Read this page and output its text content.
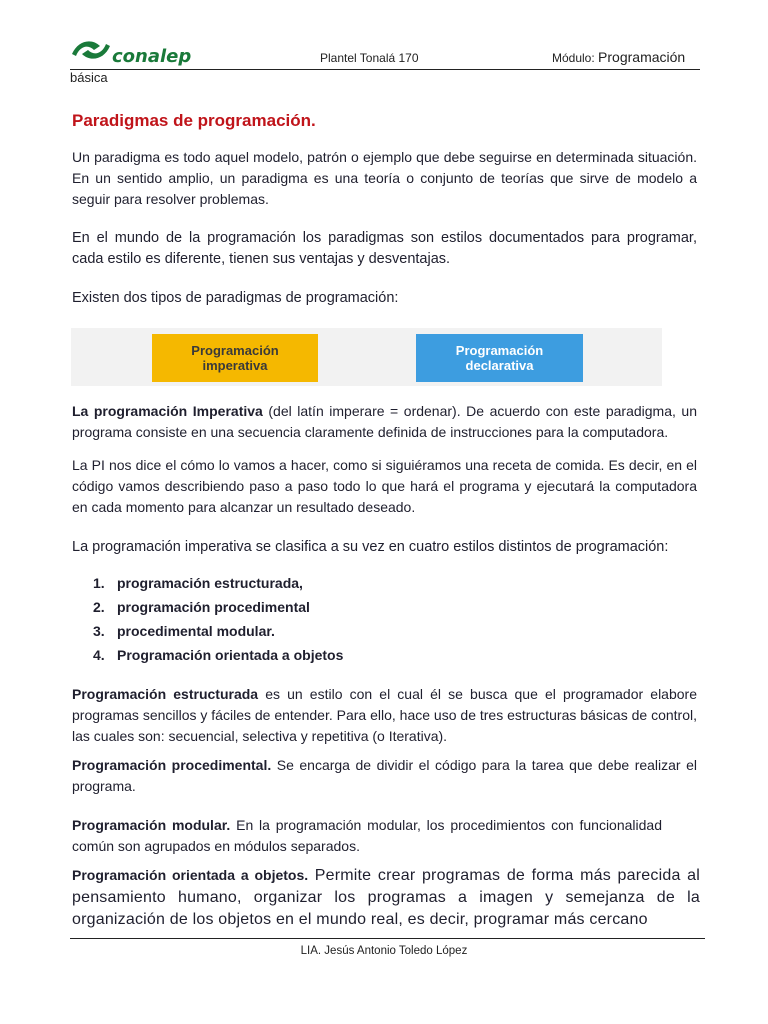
conalep	Plantel Tonalá 170	Módulo: Programación
básica
Paradigmas de programación.
Un paradigma es todo aquel modelo, patrón o ejemplo que debe seguirse en determinada situación. En un sentido amplio, un paradigma es una teoría o conjunto de teorías que sirve de modelo a seguir para resolver problemas.
En el mundo de la programación los paradigmas son estilos documentados para programar, cada estilo es diferente, tienen sus ventajas y desventajas.
Existen dos tipos de paradigmas de programación:
Programación imperativa
Programación declarativa
La programación Imperativa (del latín imperare = ordenar). De acuerdo con este paradigma, un programa consiste en una secuencia claramente definida de instrucciones para la computadora.
La PI nos dice el cómo lo vamos a hacer, como si siguiéramos una receta de comida. Es decir, en el código vamos describiendo paso a paso todo lo que hará el programa y ejecutará la computadora en cada momento para alcanzar un resultado deseado.
La programación imperativa se clasifica a su vez en cuatro estilos distintos de programación:
1. programación estructurada,
2. programación procedimental
3. procedimental modular.
4. Programación orientada a objetos
Programación estructurada es un estilo con el cual él se busca que el programador elabore programas sencillos y fáciles de entender. Para ello, hace uso de tres estructuras básicas de control, las cuales son: secuencial, selectiva y repetitiva (o Iterativa).
Programación procedimental. Se encarga de dividir el código para la tarea que debe realizar el programa.
Programación modular. En la programación modular, los procedimientos con funcionalidad común son agrupados en módulos separados.
Programación orientada a objetos. Permite crear programas de forma más parecida al pensamiento humano, organizar los programas a imagen y semejanza de la organización de los objetos en el mundo real, es decir, programar más cercano
LIA. Jesús Antonio Toledo López
